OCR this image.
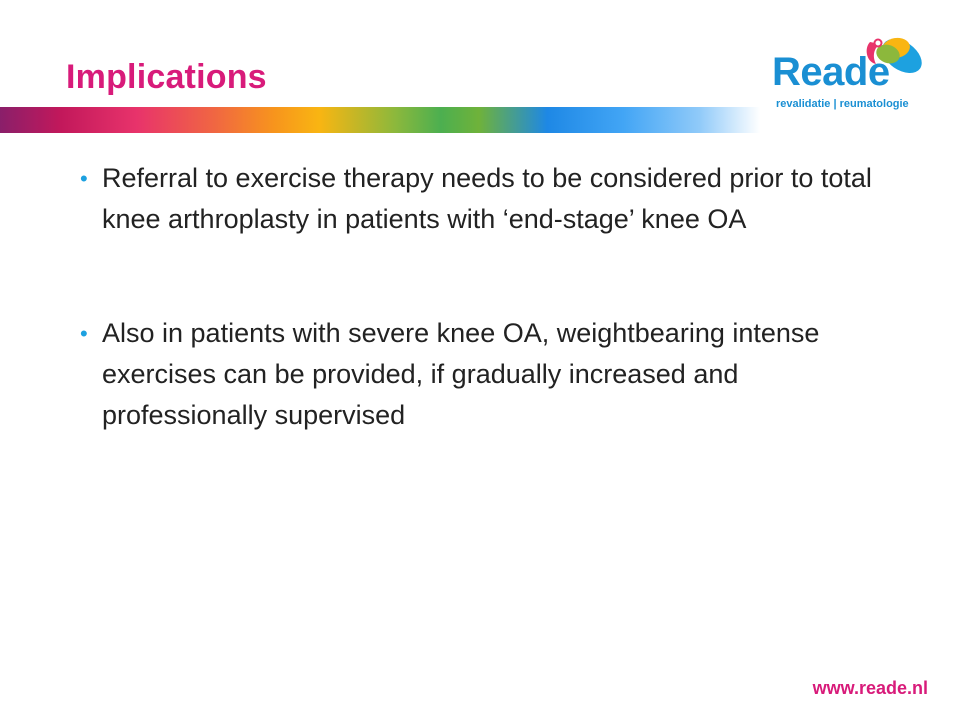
Implications	Reade
revalidatie | reumatologie
• Referral to exercise therapy needs to be considered prior to total knee arthroplasty in patients with ‘end-stage’ knee OA
• Also in patients with severe knee OA, weightbearing intense exercises can be provided, if gradually increased and professionally supervised
www.reade.nl
